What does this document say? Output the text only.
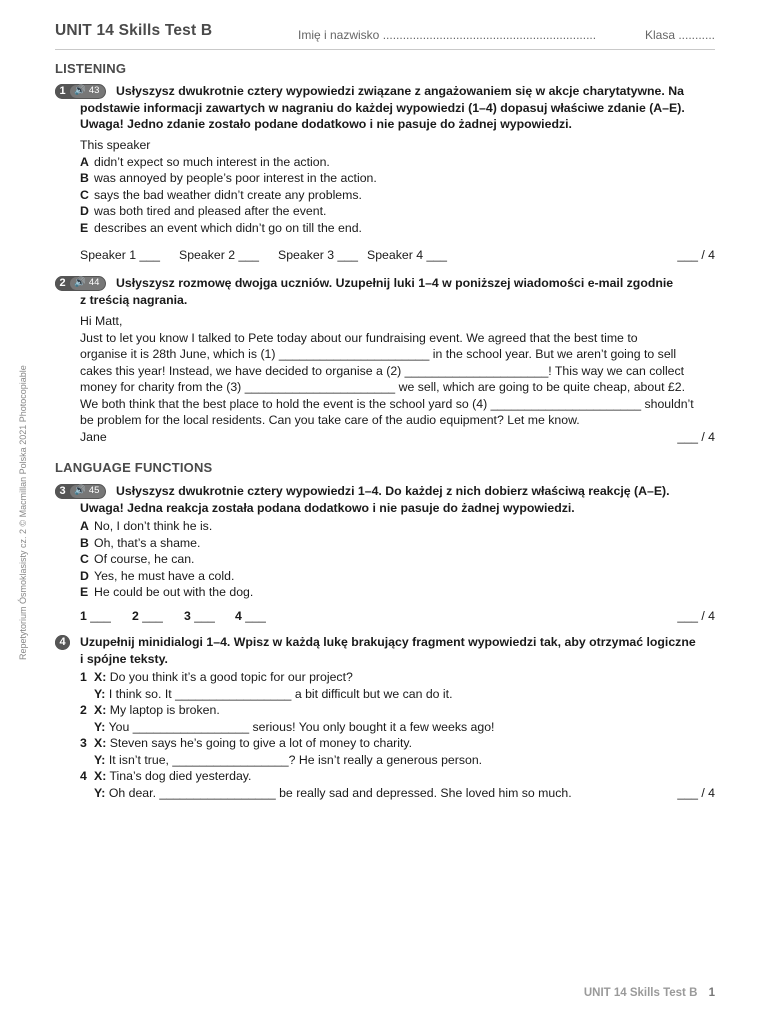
UNIT 14 Skills Test B	Imię i nazwisko ................................................................	Klasa ...........
Repetytorium Ósmoklasisty cz. 2 © Macmillan Polska 2021 Photocopiable
LISTENING
1 🔊 43 Usłyszysz dwukrotnie cztery wypowiedzi związane z angażowaniem się w akcje charytatywne. Na
podstawie informacji zawartych w nagraniu do każdej wypowiedzi (1–4) dopasuj właściwe zdanie (A–E).
Uwaga! Jedno zdanie zostało podane dodatkowo i nie pasuje do żadnej wypowiedzi.
This speaker
A didn’t expect so much interest in the action.
B was annoyed by people’s poor interest in the action.
C says the bad weather didn’t create any problems.
D was both tired and pleased after the event.
E describes an event which didn’t go on till the end.
Speaker 1 ___ Speaker 2 ___ Speaker 3 ___ Speaker 4 ___	___ / 4
2 🔊 44 Usłyszysz rozmowę dwojga uczniów. Uzupełnij luki 1–4 w poniższej wiadomości e-mail zgodnie
z treścią nagrania.
Hi Matt,
Just to let you know I talked to Pete today about our fundraising event. We agreed that the best time to
organise it is 28th June, which is (1) ______________________ in the school year. But we aren’t going to sell
cakes this year! Instead, we have decided to organise a (2) _____________________! This way we can collect
money for charity from the (3) ______________________ we sell, which are going to be quite cheap, about £2.
We both think that the best place to hold the event is the school yard so (4) ______________________ shouldn’t
be problem for the local residents. Can you take care of the audio equipment? Let me know.
Jane	___ / 4
LANGUAGE FUNCTIONS
3 🔊 45 Usłyszysz dwukrotnie cztery wypowiedzi 1–4. Do każdej z nich dobierz właściwą reakcję (A–E).
Uwaga! Jedna reakcja została podana dodatkowo i nie pasuje do żadnej wypowiedzi.
A No, I don’t think he is.
B Oh, that’s a shame.
C Of course, he can.
D Yes, he must have a cold.
E He could be out with the dog.
1 ___ 2 ___ 3 ___ 4 ___	___ / 4
4	Uzupełnij minidialogi 1–4. Wpisz w każdą lukę brakujący fragment wypowiedzi tak, aby otrzymać logiczne
i spójne teksty.
1 X: Do you think it’s a good topic for our project?
Y: I think so. It _________________ a bit difficult but we can do it.
2 X: My laptop is broken.
Y: You _________________ serious! You only bought it a few weeks ago!
3 X: Steven says he’s going to give a lot of money to charity.
Y: It isn’t true, _________________? He isn’t really a generous person.
4 X: Tina’s dog died yesterday.
Y: Oh dear. _________________ be really sad and depressed. She loved him so much.	___ / 4
UNIT 14 Skills Test B 1
